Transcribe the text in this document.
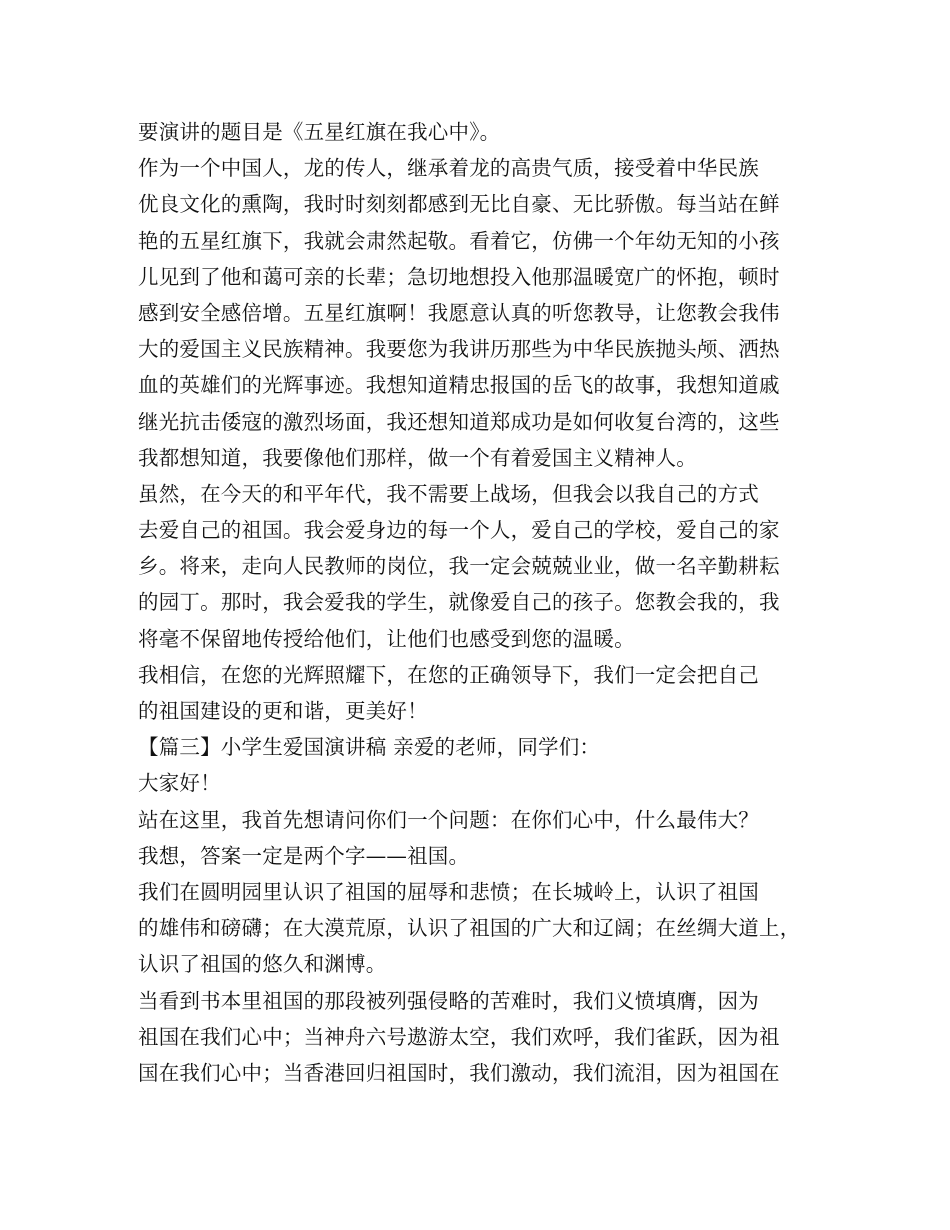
要演讲的题目是《五星红旗在我心中》。
作为一个中国人，龙的传人，继承着龙的高贵气质，接受着中华民族
优良文化的熏陶，我时时刻刻都感到无比自豪、无比骄傲。每当站在鲜
艳的五星红旗下，我就会肃然起敬。看着它，仿佛一个年幼无知的小孩
儿见到了他和蔼可亲的长辈；急切地想投入他那温暖宽广的怀抱，顿时
感到安全感倍增。五星红旗啊！我愿意认真的听您教导，让您教会我伟
大的爱国主义民族精神。我要您为我讲历那些为中华民族抛头颅、洒热
血的英雄们的光辉事迹。我想知道精忠报国的岳飞的故事，我想知道戚
继光抗击倭寇的激烈场面，我还想知道郑成功是如何收复台湾的，这些
我都想知道，我要像他们那样，做一个有着爱国主义精神人。
虽然，在今天的和平年代，我不需要上战场，但我会以我自己的方式
去爱自己的祖国。我会爱身边的每一个人，爱自己的学校，爱自己的家
乡。将来，走向人民教师的岗位，我一定会兢兢业业，做一名辛勤耕耘
的园丁。那时，我会爱我的学生，就像爱自己的孩子。您教会我的，我
将毫不保留地传授给他们，让他们也感受到您的温暖。
我相信，在您的光辉照耀下，在您的正确领导下，我们一定会把自己
的祖国建设的更和谐，更美好！
【篇三】小学生爱国演讲稿 亲爱的老师，同学们：
大家好！
站在这里，我首先想请问你们一个问题：在你们心中，什么最伟大？
我想，答案一定是两个字——祖国。
我们在圆明园里认识了祖国的屈辱和悲愤；在长城岭上，认识了祖国
的雄伟和磅礴；在大漠荒原，认识了祖国的广大和辽阔；在丝绸大道上，
认识了祖国的悠久和渊博。
当看到书本里祖国的那段被列强侵略的苦难时，我们义愤填膺，因为
祖国在我们心中；当神舟六号遨游太空，我们欢呼，我们雀跃，因为祖
国在我们心中；当香港回归祖国时，我们激动，我们流泪，因为祖国在
